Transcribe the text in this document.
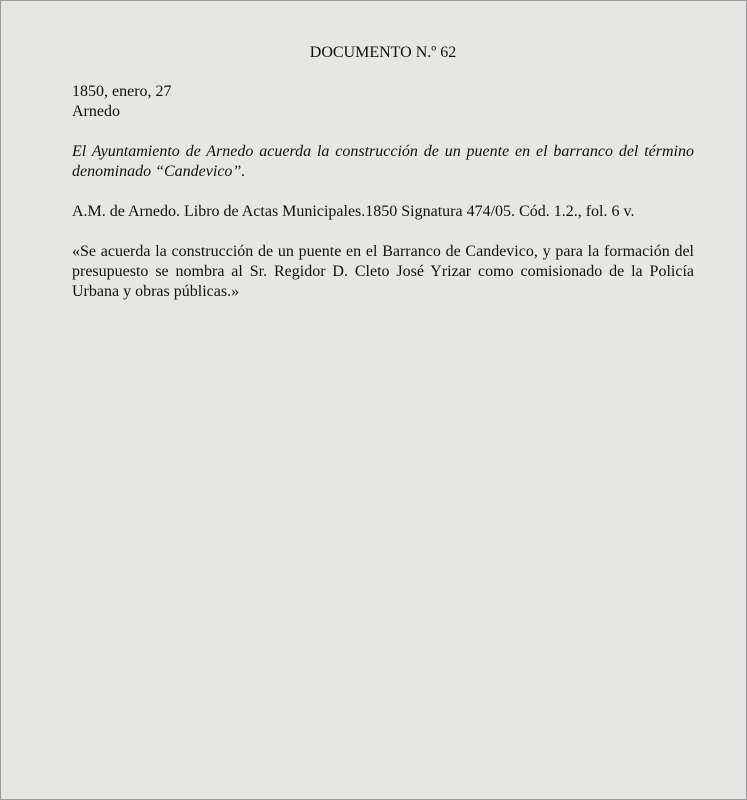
DOCUMENTO N.º 62

1850, enero, 27

Arnedo

El Ayuntamiento de Arnedo acuerda la construcción de un puente en el barranco del término denominado “Candevico”.

A.M. de Arnedo. Libro de Actas Municipales.1850 Signatura 474/05. Cód. 1.2., fol. 6 v.

«Se acuerda la construcción de un puente en el Barranco de Candevico, y para la formación del presupuesto se nombra al Sr. Regidor D. Cleto José Yrizar como comisionado de la Policía Urbana y obras públicas.»
